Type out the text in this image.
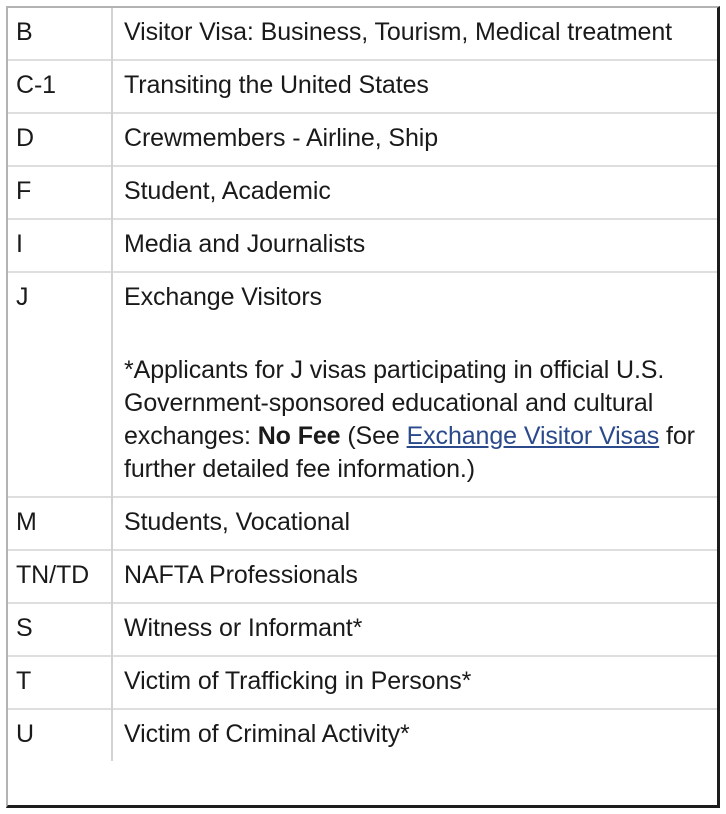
B	Visitor Visa: Business, Tourism, Medical treatment
C-1	Transiting the United States
D	Crewmembers - Airline, Ship
F	Student, Academic
I	Media and Journalists
J	Exchange Visitors

*Applicants for J visas participating in official U.S. Government-sponsored educational and cultural exchanges: No Fee (See Exchange Visitor Visas for further detailed fee information.)

M	Students, Vocational
TN/TD	NAFTA Professionals
S	Witness or Informant*
T	Victim of Trafficking in Persons*
U	Victim of Criminal Activity*
